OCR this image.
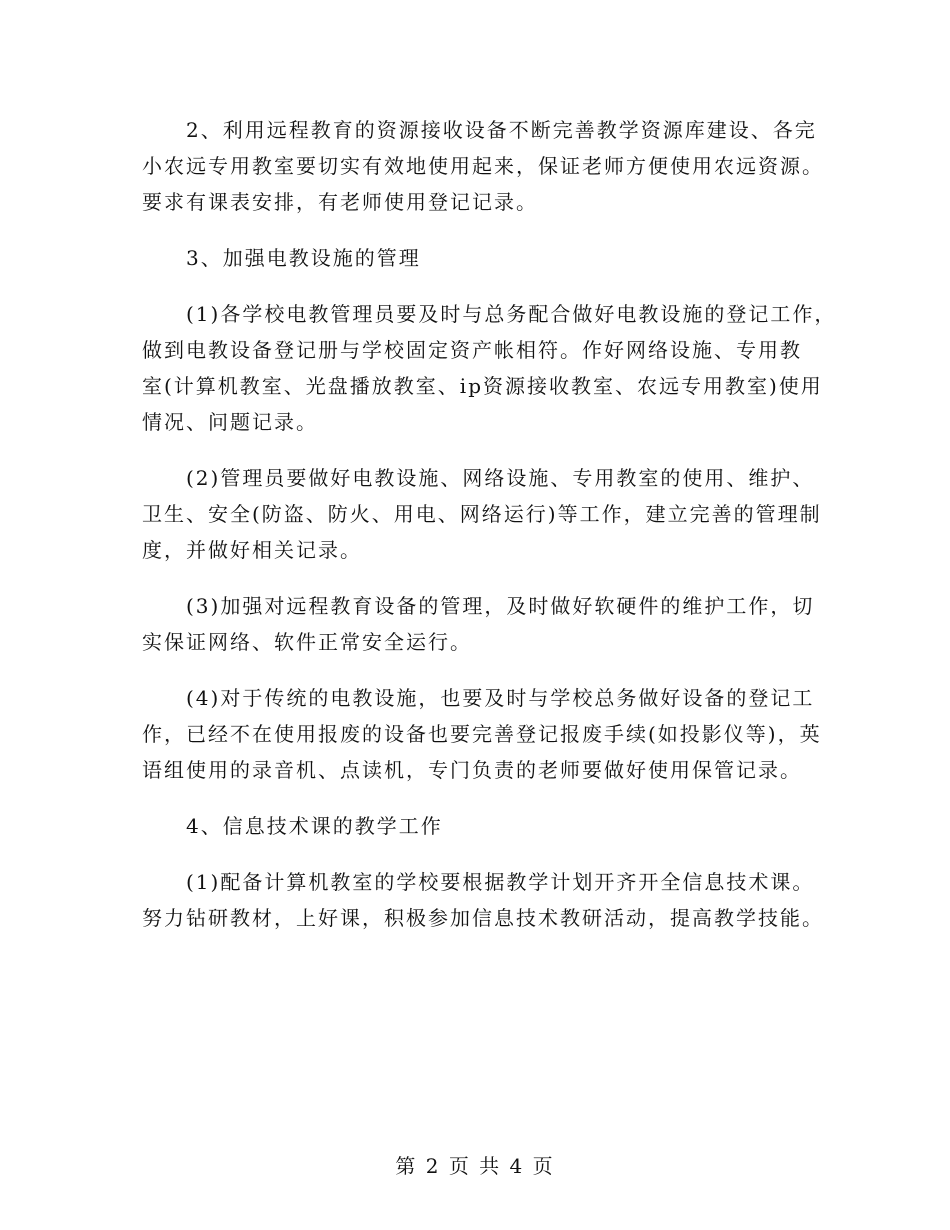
2、利用远程教育的资源接收设备不断完善教学资源库建设、各完
小农远专用教室要切实有效地使用起来，保证老师方便使用农远资源。
要求有课表安排，有老师使用登记记录。

3、加强电教设施的管理

(1)各学校电教管理员要及时与总务配合做好电教设施的登记工作，
做到电教设备登记册与学校固定资产帐相符。作好网络设施、专用教
室(计算机教室、光盘播放教室、ip资源接收教室、农远专用教室)使用
情况、问题记录。

(2)管理员要做好电教设施、网络设施、专用教室的使用、维护、
卫生、安全(防盗、防火、用电、网络运行)等工作，建立完善的管理制
度，并做好相关记录。

(3)加强对远程教育设备的管理，及时做好软硬件的维护工作，切
实保证网络、软件正常安全运行。

(4)对于传统的电教设施，也要及时与学校总务做好设备的登记工
作，已经不在使用报废的设备也要完善登记报废手续(如投影仪等)，英
语组使用的录音机、点读机，专门负责的老师要做好使用保管记录。

4、信息技术课的教学工作

(1)配备计算机教室的学校要根据教学计划开齐开全信息技术课。
努力钻研教材，上好课，积极参加信息技术教研活动，提高教学技能。

第 2 页 共 4 页
